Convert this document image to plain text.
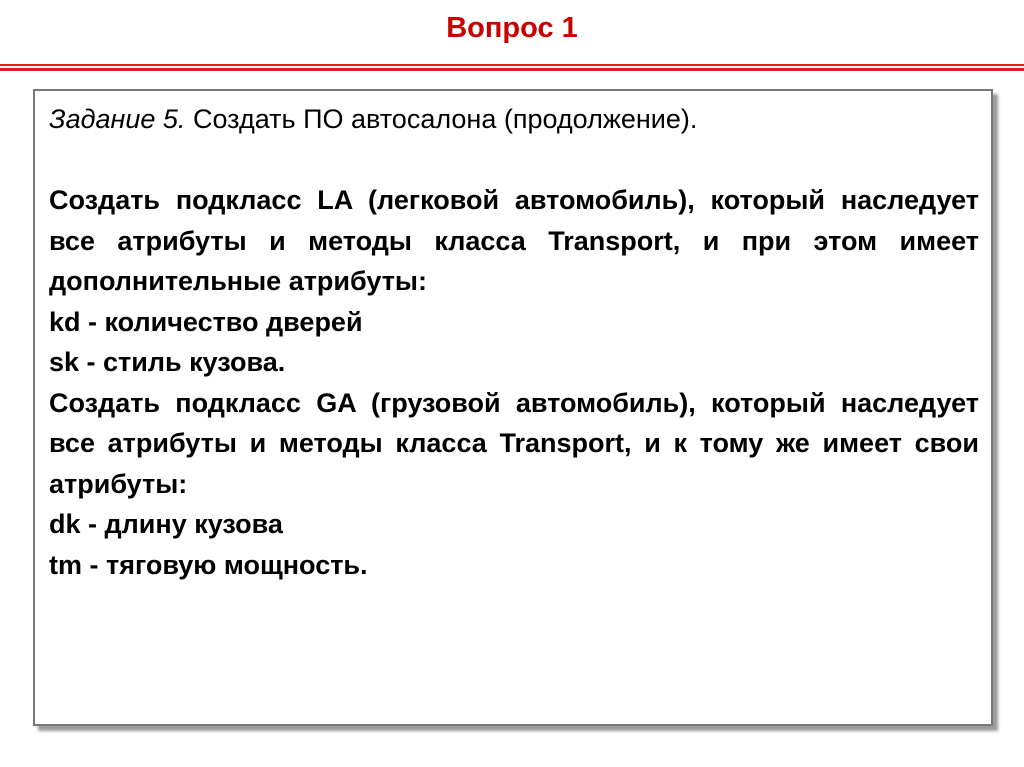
Вопрос 1

Задание 5. Создать ПО автосалона (продолжение).

Создать подкласс LA (легковой автомобиль), который наследует все атрибуты и методы класса Transport, и при этом имеет дополнительные атрибуты:

kd - количество дверей

sk - стиль кузова.

Создать подкласс GA (грузовой автомобиль), который наследует все атрибуты и методы класса Transport, и к тому же имеет свои атрибуты:

dk - длину кузова

tm - тяговую мощность.
